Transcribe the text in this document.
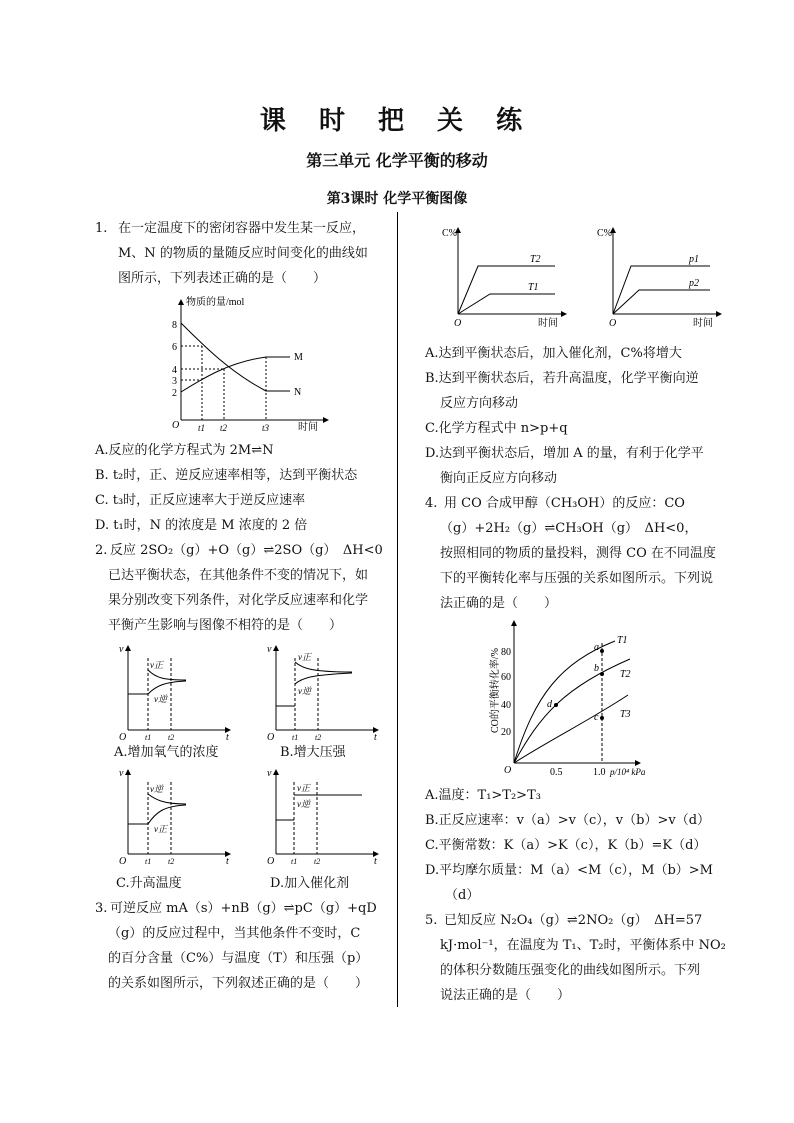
课 时 把 关 练
第三单元 化学平衡的移动
第3课时 化学平衡图像
1. 在一定温度下的密闭容器中发生某一反应，
M、N 的物质的量随反应时间变化的曲线如
图所示，下列表述正确的是（　　）
物质的量/mol
时间
O
8
6
4
3
2
M
N
t1 t2	t3
A.反应的化学方程式为 2M⇌N
B. t₂时，正、逆反应速率相等，达到平衡状态
C. t₃时，正反应速率大于逆反应速率
D. t₁时，N 的浓度是 M 浓度的 2 倍
2. 反应 2SO₂（g）+O（g）⇌2SO（g）　ΔH<0
已达平衡状态，在其他条件不变的情况下，如
果分别改变下列条件，对化学反应速率和化学
平衡产生影响与图像不相符的是（　　）
v
t
O
v正
v逆
t1 t2
v
t
O
v正
v逆
t1 t2
A.增加氧气的浓度	B.增大压强
v
t
O
v逆
v正
t1 t2
v
t
O
v正
v逆
t1 t2
C.升高温度	D.加入催化剂
3. 可逆反应 mA（s）+nB（g）⇌pC（g）+qD
（g）的反应过程中，当其他条件不变时，C
的百分含量（C%）与温度（T）和压强（p）
的关系如图所示，下列叙述正确的是（　　）
C%
O	时间
T2
T1
C%
O	时间
p1
p2
A.达到平衡状态后，加入催化剂，C%将增大
B.达到平衡状态后，若升高温度，化学平衡向逆
反应方向移动
C.化学方程式中 n>p+q
D.达到平衡状态后，增加 A 的量，有利于化学平
衡向正反应方向移动
4. 用 CO 合成甲醇（CH₃OH）的反应：CO
（g）+2H₂（g）⇌CH₃OH（g）　ΔH<0，
按照相同的物质的量投料，测得 CO 在不同温度
下的平衡转化率与压强的关系如图所示。下列说
法正确的是（　　）
CO的平衡转化率/%
p/10⁴ kPa
O
80
60
40
20
0.5	1.0
a
b
c
d
T1
T2
T3
A.温度：T₁>T₂>T₃
B.正反应速率：v（a）>v（c），v（b）>v（d）
C.平衡常数：K（a）>K（c），K（b）=K（d）
D.平均摩尔质量：M（a）<M（c），M（b）>M
（d）
5. 已知反应 N₂O₄（g）⇌2NO₂（g）　ΔH=57
kJ·mol⁻¹，在温度为 T₁、T₂时，平衡体系中 NO₂
的体积分数随压强变化的曲线如图所示。下列
说法正确的是（　　）
